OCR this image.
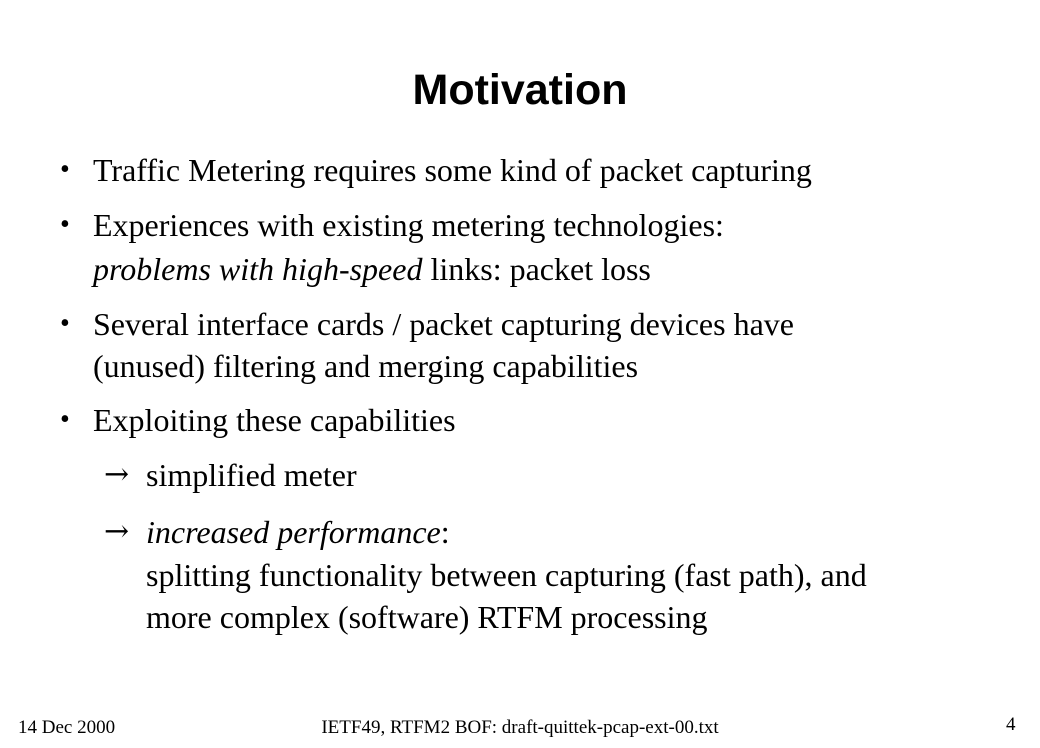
Motivation
• Traffic Metering requires some kind of packet capturing
• Experiences with existing metering technologies:
problems with high-speed links: packet loss
• Several interface cards / packet capturing devices have
(unused) filtering and merging capabilities
• Exploiting these capabilities
→ simplified meter
→ increased performance:
splitting functionality between capturing (fast path), and
more complex (software) RTFM processing
14 Dec 2000	IETF49, RTFM2 BOF: draft-quittek-pcap-ext-00.txt	4
